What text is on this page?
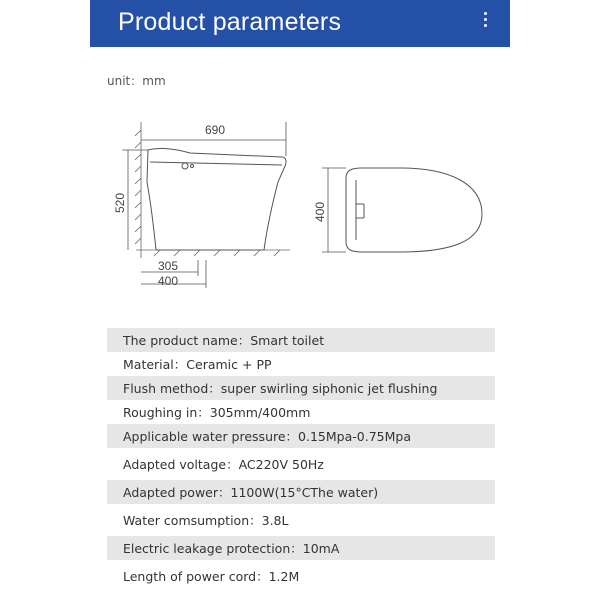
Product parameters
unit：mm
690
520
305
400
400
The product name：Smart toilet
Material：Ceramic + PP
Flush method：super swirling siphonic jet flushing
Roughing in：305mm/400mm
Applicable water pressure：0.15Mpa-0.75Mpa
Adapted voltage：AC220V 50Hz
Adapted power：1100W(15°CThe water)
Water comsumption：3.8L
Electric leakage protection：10mA
Length of power cord：1.2M
